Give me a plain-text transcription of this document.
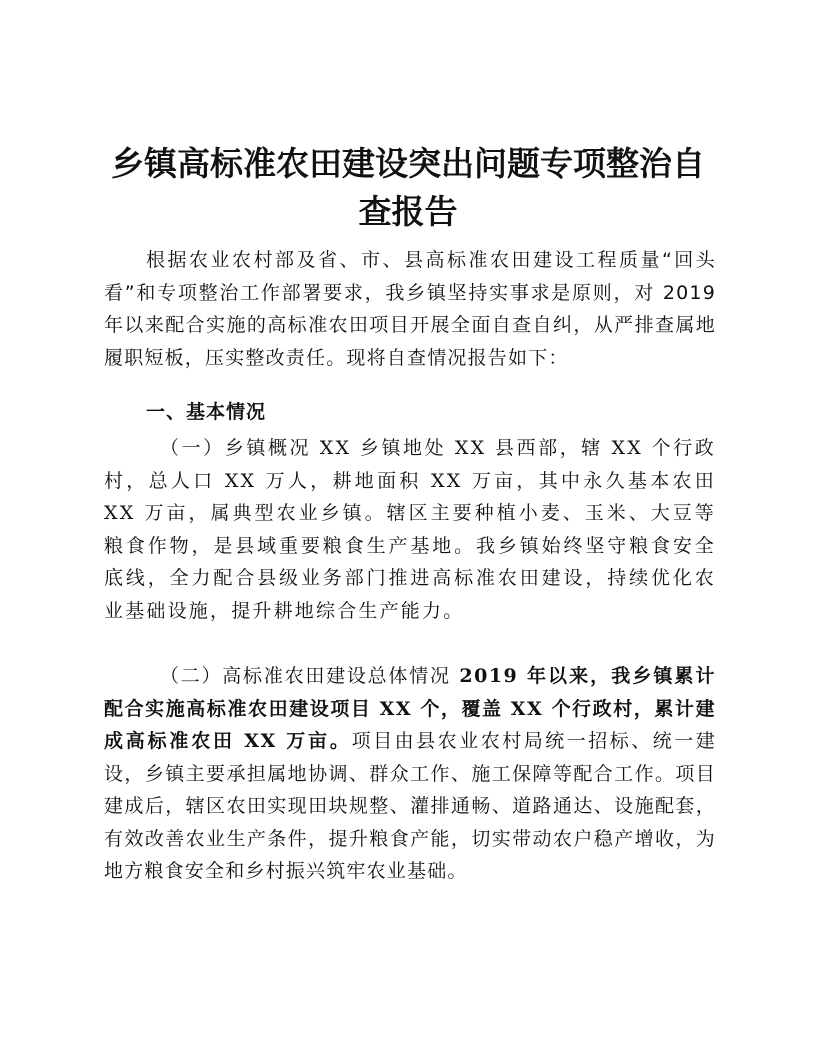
乡镇高标准农田建设突出问题专项整治自查报告

根据农业农村部及省、市、县高标准农田建设工程质量“回头看”和专项整治工作部署要求，我乡镇坚持实事求是原则，对 2019 年以来配合实施的高标准农田项目开展全面自查自纠，从严排查属地履职短板，压实整改责任。现将自查情况报告如下：

一、基本情况

（一）乡镇概况 XX 乡镇地处 XX 县西部，辖 XX 个行政村，总人口 XX 万人，耕地面积 XX 万亩，其中永久基本农田 XX 万亩，属典型农业乡镇。辖区主要种植小麦、玉米、大豆等粮食作物，是县域重要粮食生产基地。我乡镇始终坚守粮食安全底线，全力配合县级业务部门推进高标准农田建设，持续优化农业基础设施，提升耕地综合生产能力。

（二）高标准农田建设总体情况 2019 年以来，我乡镇累计配合实施高标准农田建设项目 XX 个，覆盖 XX 个行政村，累计建成高标准农田 XX 万亩。项目由县农业农村局统一招标、统一建设，乡镇主要承担属地协调、群众工作、施工保障等配合工作。项目建成后，辖区农田实现田块规整、灌排通畅、道路通达、设施配套，有效改善农业生产条件，提升粮食产能，切实带动农户稳产增收，为地方粮食安全和乡村振兴筑牢农业基础。
